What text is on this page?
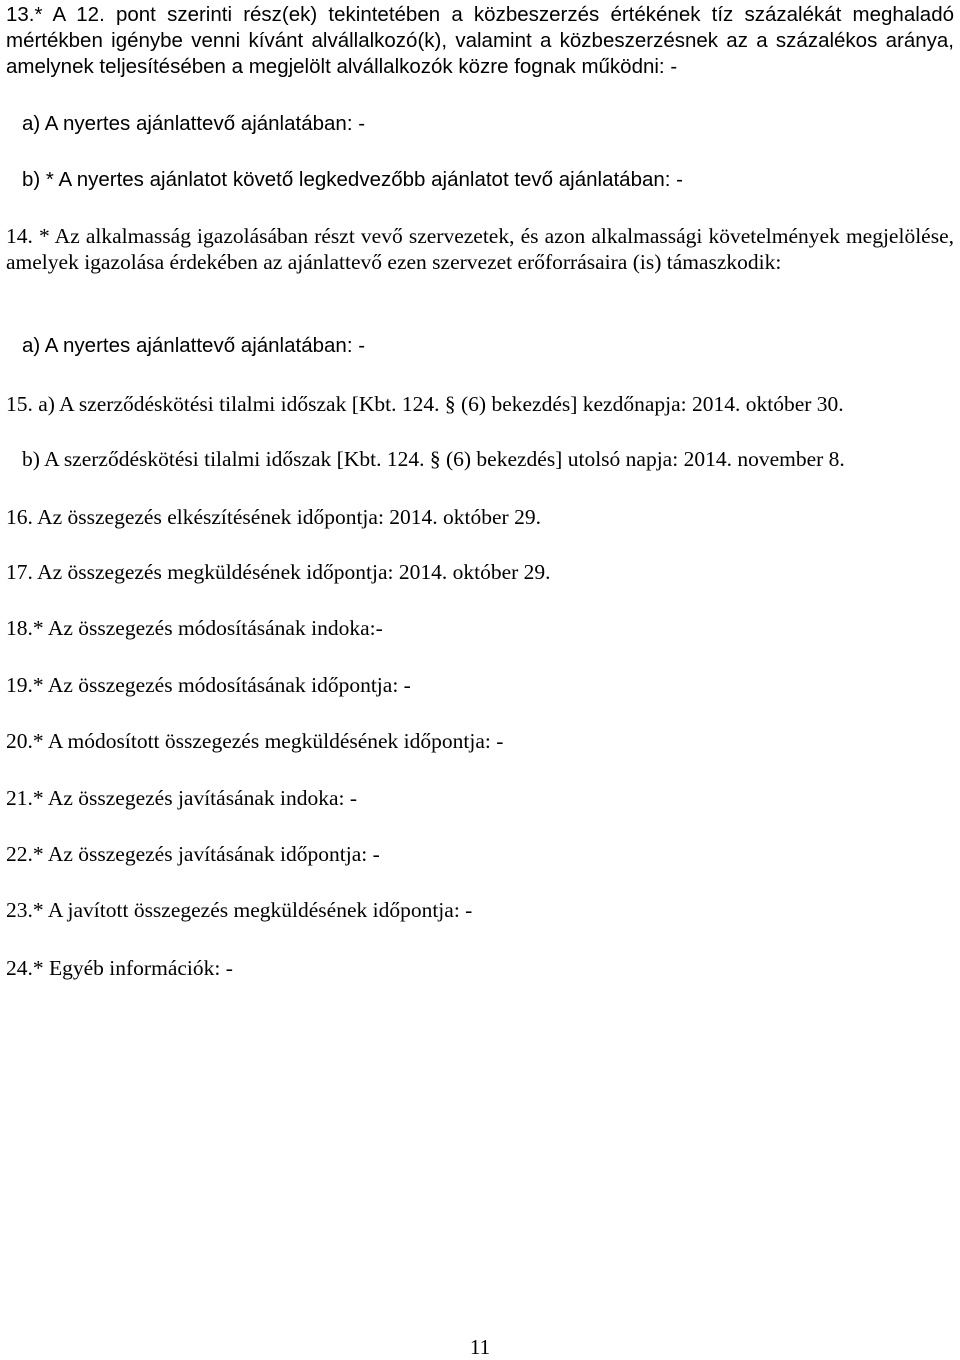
13.* A 12. pont szerinti rész(ek) tekintetében a közbeszerzés értékének tíz százalékát meghaladó mértékben igénybe venni kívánt alvállalkozó(k), valamint a közbeszerzésnek az a százalékos aránya, amelynek teljesítésében a megjelölt alvállalkozók közre fognak működni: -

a) A nyertes ajánlattevő ajánlatában: -

b) * A nyertes ajánlatot követő legkedvezőbb ajánlatot tevő ajánlatában: -

14. * Az alkalmasság igazolásában részt vevő szervezetek, és azon alkalmassági követelmények megjelölése, amelyek igazolása érdekében az ajánlattevő ezen szervezet erőforrásaira (is) támaszkodik:

a) A nyertes ajánlattevő ajánlatában: -

15. a) A szerződéskötési tilalmi időszak [Kbt. 124. § (6) bekezdés] kezdőnapja: 2014. október 30.

b) A szerződéskötési tilalmi időszak [Kbt. 124. § (6) bekezdés] utolsó napja: 2014. november 8.

16. Az összegezés elkészítésének időpontja: 2014. október 29.

17. Az összegezés megküldésének időpontja: 2014. október 29.

18.* Az összegezés módosításának indoka:-

19.* Az összegezés módosításának időpontja: -

20.* A módosított összegezés megküldésének időpontja: -

21.* Az összegezés javításának indoka: -

22.* Az összegezés javításának időpontja: -

23.* A javított összegezés megküldésének időpontja: -

24.* Egyéb információk: -

11
